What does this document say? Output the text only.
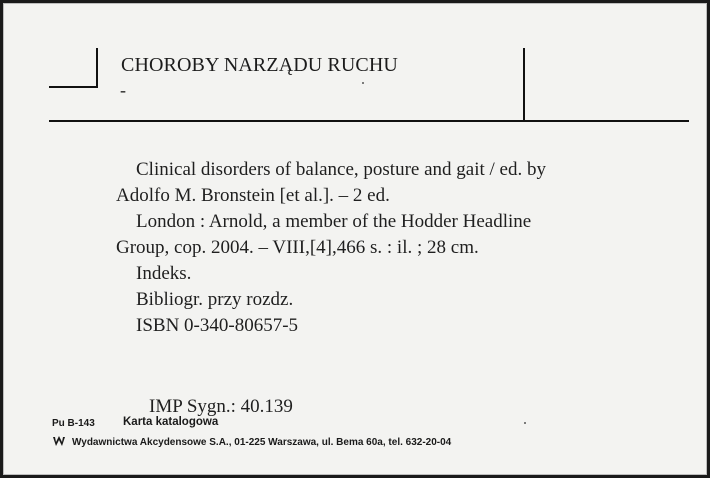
CHOROBY NARZĄDU RUCHU
-
Clinical disorders of balance, posture and gait / ed. by
Adolfo M. Bronstein [et al.]. – 2 ed.
London : Arnold, a member of the Hodder Headline
Group, cop. 2004. – VIII,[4],466 s. : il. ; 28 cm.
Indeks.
Bibliogr. przy rozdz.
ISBN 0-340-80657-5
IMP Sygn.: 40.139
Pu B-143 Karta katalogowa
Wydawnictwa Akcydensowe S.A., 01-225 Warszawa, ul. Bema 60a, tel. 632-20-04
